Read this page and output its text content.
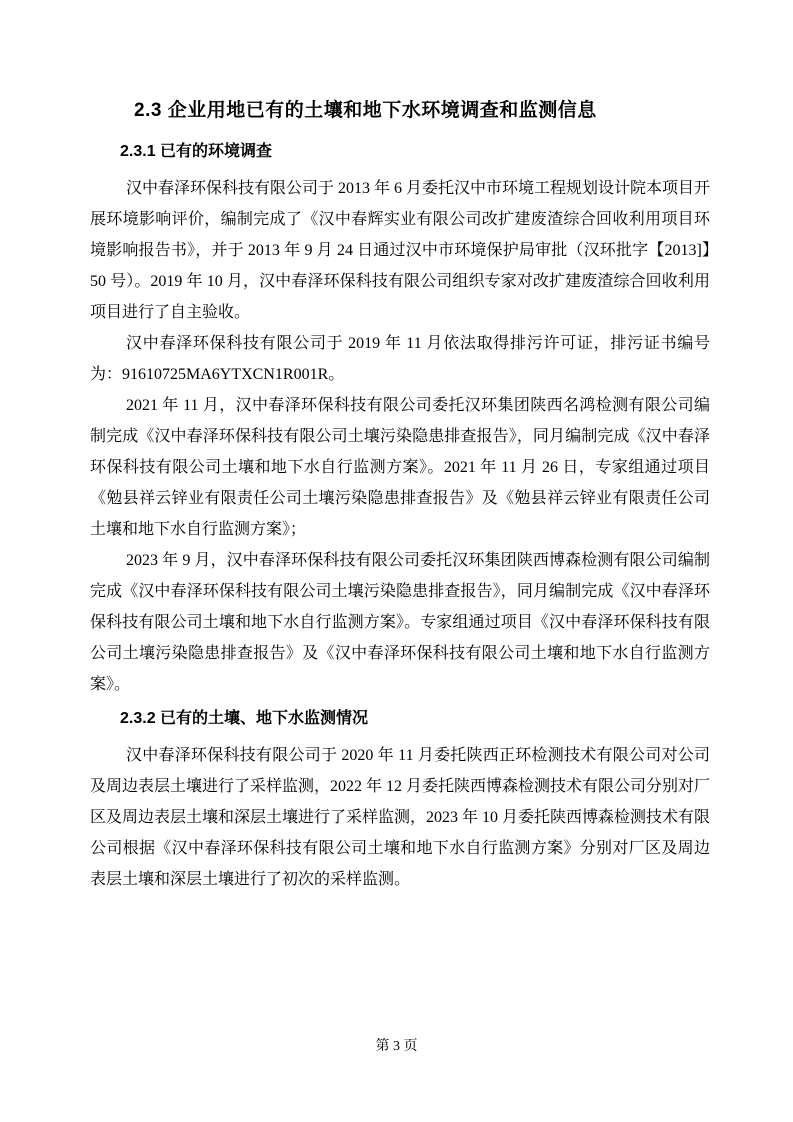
2.3 企业用地已有的土壤和地下水环境调查和监测信息
2.3.1 已有的环境调查

汉中春泽环保科技有限公司于 2013 年 6 月委托汉中市环境工程规划设计院本项目开展环境影响评价，编制完成了《汉中春辉实业有限公司改扩建废渣综合回收利用项目环境影响报告书》，并于 2013 年 9 月 24 日通过汉中市环境保护局审批（汉环批字【2013]】50 号）。2019 年 10 月，汉中春泽环保科技有限公司组织专家对改扩建废渣综合回收利用项目进行了自主验收。

汉中春泽环保科技有限公司于 2019 年 11 月依法取得排污许可证，排污证书编号为：91610725MA6YTXCN1R001R。

2021 年 11 月，汉中春泽环保科技有限公司委托汉环集团陕西名鸿检测有限公司编制完成《汉中春泽环保科技有限公司土壤污染隐患排查报告》，同月编制完成《汉中春泽环保科技有限公司土壤和地下水自行监测方案》。2021 年 11 月 26 日，专家组通过项目《勉县祥云锌业有限责任公司土壤污染隐患排查报告》及《勉县祥云锌业有限责任公司土壤和地下水自行监测方案》；

2023 年 9 月，汉中春泽环保科技有限公司委托汉环集团陕西博森检测有限公司编制完成《汉中春泽环保科技有限公司土壤污染隐患排查报告》，同月编制完成《汉中春泽环保科技有限公司土壤和地下水自行监测方案》。专家组通过项目《汉中春泽环保科技有限公司土壤污染隐患排查报告》及《汉中春泽环保科技有限公司土壤和地下水自行监测方案》。

2.3.2 已有的土壤、地下水监测情况

汉中春泽环保科技有限公司于 2020 年 11 月委托陕西正环检测技术有限公司对公司及周边表层土壤进行了采样监测，2022 年 12 月委托陕西博森检测技术有限公司分别对厂区及周边表层土壤和深层土壤进行了采样监测，2023 年 10 月委托陕西博森检测技术有限公司根据《汉中春泽环保科技有限公司土壤和地下水自行监测方案》分别对厂区及周边表层土壤和深层土壤进行了初次的采样监测。

第 3 页
